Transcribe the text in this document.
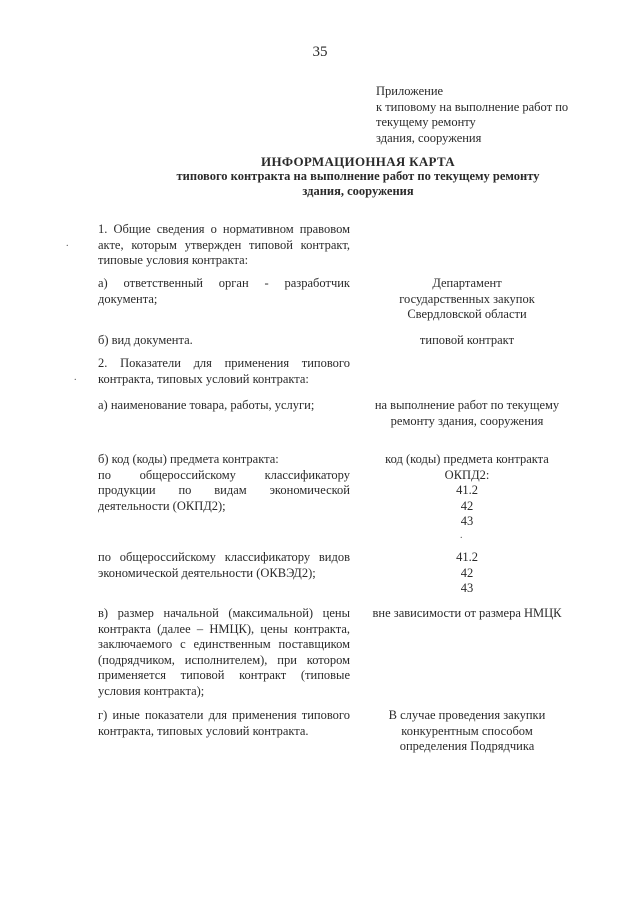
35
Приложение
к типовому на выполнение работ по
текущему ремонту
здания, сооружения
ИНФОРМАЦИОННАЯ КАРТА
типового контракта на выполнение работ по текущему ремонту
здания, сооружения
1. Общие сведения о нормативном правовом
акте, которым утвержден типовой контракт,
типовые условия контракта:
.
а) ответственный орган - разработчик
документа;
Департамент
государственных закупок
Свердловской области
б) вид документа.	типовой контракт
2. Показатели для применения типового
контракта, типовых условий контракта:
.
а) наименование товара, работы, услуги;	на выполнение работ по текущему
ремонту здания, сооружения
б) код (коды) предмета контракта:
по общероссийскому классификатору
продукции по видам экономической
деятельности (ОКПД2);
код (коды) предмета контракта
ОКПД2:
41.2
42
43
.
по общероссийскому классификатору видов
экономической деятельности (ОКВЭД2);
41.2
42
43
в) размер начальной (максимальной) цены
контракта (далее – НМЦК), цены контракта,
заключаемого с единственным поставщиком
(подрядчиком, исполнителем), при котором
применяется типовой контракт (типовые
условия контракта);
вне зависимости от размера НМЦК
г) иные показатели для применения типового
контракта, типовых условий контракта.
В случае проведения закупки
конкурентным способом
определения Подрядчика
